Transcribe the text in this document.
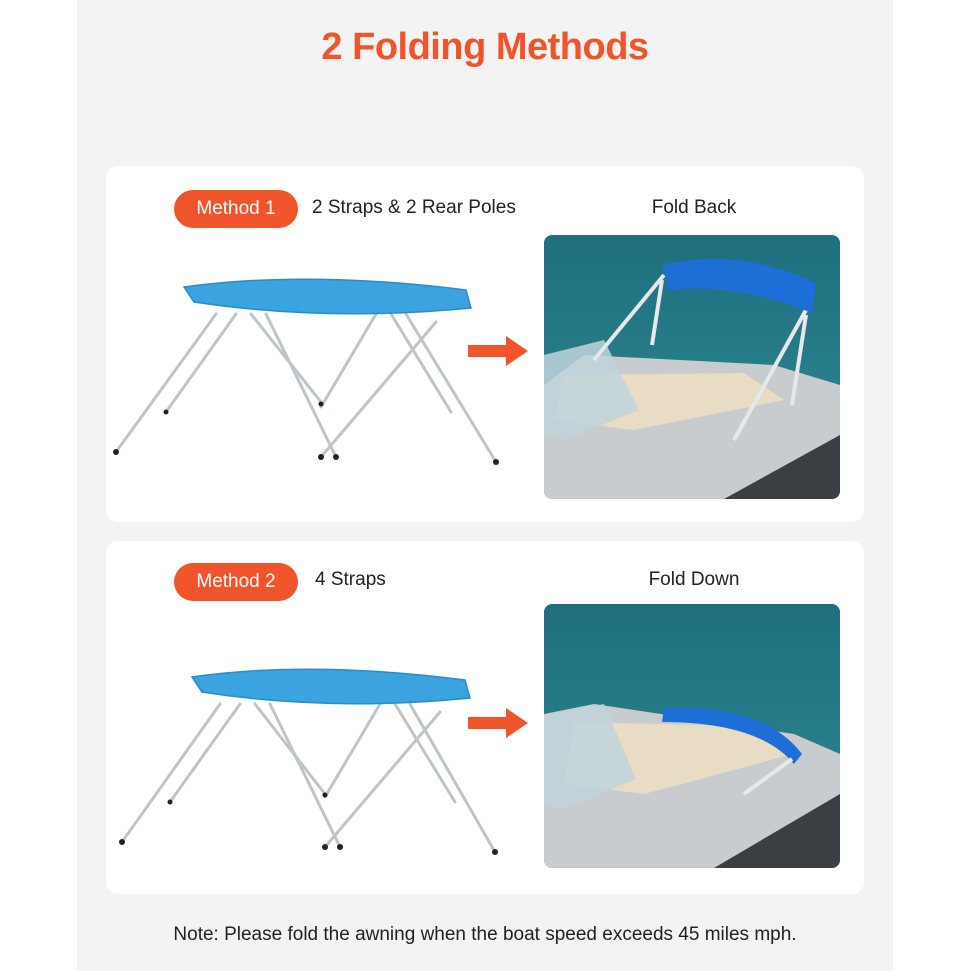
2 Folding Methods
Method 1	2 Straps & 2 Rear Poles	Fold Back
Method 2	4 Straps	Fold Down
Note: Please fold the awning when the boat speed exceeds 45 miles mph.
